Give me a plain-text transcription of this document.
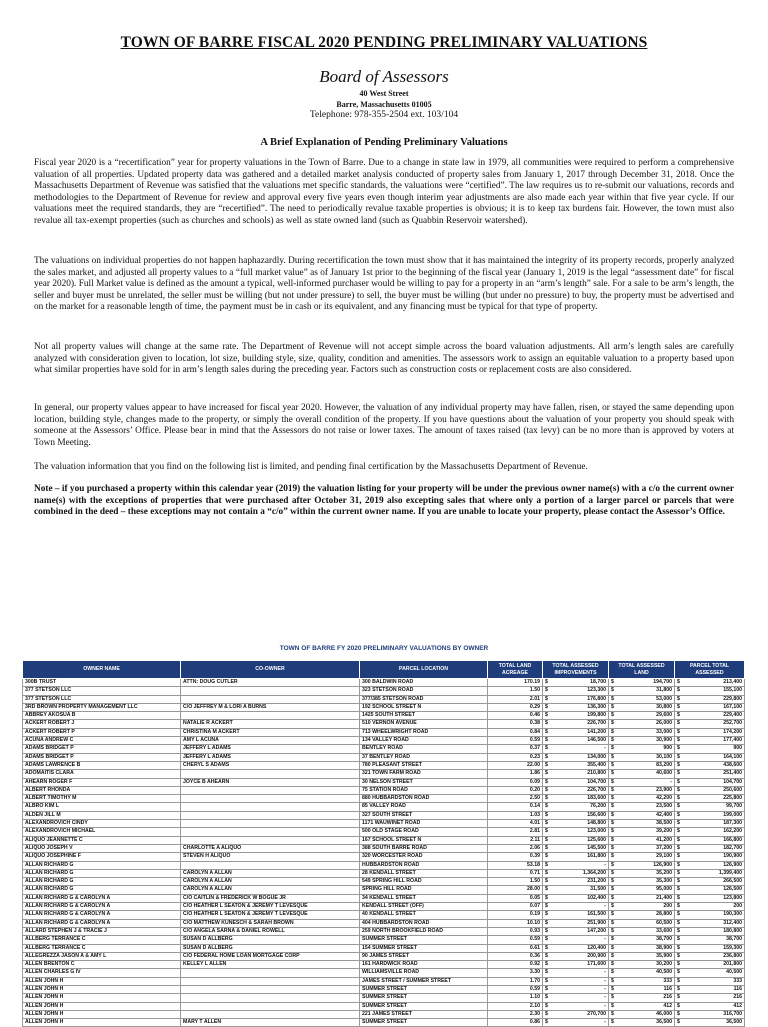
TOWN OF BARRE FISCAL 2020 PENDING PRELIMINARY VALUATIONS
Board of Assessors
40 West Street
Barre, Massachusetts 01005
Telephone: 978-355-2504 ext. 103/104
A Brief Explanation of Pending Preliminary Valuations

Fiscal year 2020 is a “recertification” year for property valuations in the Town of Barre. Due to a change in state law in 1979, all communities were required to perform a comprehensive valuation of all properties. Updated property data was gathered and a detailed market analysis conducted of property sales from January 1, 2017 through December 31, 2018. Once the Massachusetts Department of Revenue was satisfied that the valuations met specific standards, the valuations were “certified”. The law requires us to re-submit our valuations, records and methodologies to the Department of Revenue for review and approval every five years even though interim year adjustments are also made each year within that five year cycle. If our valuations meet the required standards, they are “recertified”. The need to periodically revalue taxable properties is obvious; it is to keep tax burdens fair. However, the town must also revalue all tax-exempt properties (such as churches and schools) as well as state owned land (such as Quabbin Reservoir watershed).

The valuations on individual properties do not happen haphazardly. During recertification the town must show that it has maintained the integrity of its property records, properly analyzed the sales market, and adjusted all property values to a “full market value” as of January 1st prior to the beginning of the fiscal year (January 1, 2019 is the legal “assessment date” for fiscal year 2020). Full Market value is defined as the amount a typical, well-informed purchaser would be willing to pay for a property in an “arm’s length” sale. For a sale to be arm’s length, the seller and buyer must be unrelated, the seller must be willing (but not under pressure) to sell, the buyer must be willing (but under no pressure) to buy, the property must be advertised and on the market for a reasonable length of time, the payment must be in cash or its equivalent, and any financing must be typical for that type of property.

Not all property values will change at the same rate. The Department of Revenue will not accept simple across the board valuation adjustments. All arm’s length sales are carefully analyzed with consideration given to location, lot size, building style, size, quality, condition and amenities. The assessors work to assign an equitable valuation to a property based upon what similar properties have sold for in arm’s length sales during the preceding year. Factors such as construction costs or replacement costs are also considered.

In general, our property values appear to have increased for fiscal year 2020. However, the valuation of any individual property may have fallen, risen, or stayed the same depending upon location, building style, changes made to the property, or simply the overall condition of the property. If you have questions about the valuation of your property you should speak with someone at the Assessors’ Office. Please bear in mind that the Assessors do not raise or lower taxes. The amount of taxes raised (tax levy) can be no more than is approved by voters at Town Meeting.

The valuation information that you find on the following list is limited, and pending final certification by the Massachusetts Department of Revenue.

Note – if you purchased a property within this calendar year (2019) the valuation listing for your property will be under the previous owner name(s) with a c/o the current owner name(s) with the exceptions of properties that were purchased after October 31, 2019 also excepting sales that where only a portion of a larger parcel or parcels that were combined in the deed – these exceptions may not contain a “c/o” within the current owner name. If you are unable to locate your property, please contact the Assessor’s Office.

TOWN OF BARRE FY 2020 PRELIMINARY VALUATIONS BY OWNER
OWNER NAME	CO-OWNER	PARCEL LOCATION	TOTAL LAND ACREAGE	TOTAL ASSESSED IMPROVEMENTS	TOTAL ASSESSED LAND	PARCEL TOTAL ASSESSED
300B TRUST	ATTN: DOUG CUTLER	300 BALDWIN ROAD	170.19	$ 18,700	$ 194,700	$ 213,400

377 STETSON LLC		323 STETSON ROAD	1.50	$ 123,300	$ 31,800	$ 155,100

377 STETSON LLC		377/385 STETSON ROAD	2.01	$ 176,800	$ 53,000	$ 229,800

3RD BROWN PROPERTY MANAGEMENT LLC	C/O JEFFREY M & LORI A BURNS	192 SCHOOL STREET N	0.29	$ 136,300	$ 30,800	$ 167,100

ABBREY AKOSUA B		1425 SOUTH STREET	0.46	$ 199,800	$ 29,600	$ 229,400

ACKERT ROBERT J	NATALIE R ACKERT	510 VERNON AVENUE	0.38	$ 226,700	$ 26,000	$ 252,700

ACKERT ROBERT P	CHRISTINA M ACKERT	713 WHEELWRIGHT ROAD	0.84	$ 141,200	$ 33,000	$ 174,200

ACUNA ANDREW C	AMY L ACUNA	134 VALLEY ROAD	0.59	$ 146,500	$ 30,900	$ 177,400

ADAMS BRIDGET P	JEFFERY L ADAMS	BENTLEY ROAD	0.37	$ -	$ 900	$ 900

ADAMS BRIDGET P	JEFFERY L ADAMS	37 BENTLEY ROAD	0.23	$ 134,000	$ 30,100	$ 164,100

ADAMS LAWRENCE B	CHERYL S ADAMS	780 PLEASANT STREET	22.00	$ 355,400	$ 83,200	$ 438,600

ADOMAITIS CLARA		321 TOWN FARM ROAD	1.86	$ 210,800	$ 40,600	$ 251,400

AHEARN ROGER F	JOYCE B AHEARN	30 NELSON STREET	0.09	$ 104,700	$ -	$ 104,700

ALBERT RHONDA		75 STATION ROAD	0.20	$ 226,700	$ 23,900	$ 250,600

ALBERT TIMOTHY M		880 HUBBARDSTON ROAD	2.50	$ 183,600	$ 42,200	$ 225,800

ALBRO KIM L		85 VALLEY ROAD	0.14	$ 76,200	$ 23,500	$ 99,700

ALDEN JILL M		327 SOUTH STREET	1.03	$ 156,600	$ 42,400	$ 199,000

ALEXANDROVICH CINDY		1171 WAUWINET ROAD	4.01	$ 148,800	$ 38,500	$ 187,300

ALEXANDROVICH MICHAEL		500 OLD STAGE ROAD	2.81	$ 123,000	$ 39,200	$ 162,200

ALIQUO JEANNETTE C		167 SCHOOL STREET N	2.11	$ 125,600	$ 41,200	$ 166,800

ALIQUO JOSEPH V	CHARLOTTE A ALIQUO	388 SOUTH BARRE ROAD	2.06	$ 145,500	$ 37,200	$ 182,700

ALIQUO JOSEPHINE F	STEVEN H ALIQUO	320 WORCESTER ROAD	0.39	$ 161,800	$ 29,100	$ 190,900

ALLAN RICHARD G		HUBBARDSTON ROAD	53.18	$ -	$ 126,900	$ 126,900

ALLAN RICHARD G	CAROLYN A ALLAN	28 KENDALL STREET	0.71	$ 1,364,200	$ 35,200	$ 1,399,400

ALLAN RICHARD G	CAROLYN A ALLAN	549 SPRING HILL ROAD	1.50	$ 231,200	$ 35,300	$ 266,500

ALLAN RICHARD G	CAROLYN A ALLAN	SPRING HILL ROAD	28.00	$ 31,500	$ 95,000	$ 126,500

ALLAN RICHARD G & CAROLYN A	C/O CAITLIN & FREDERICK W BOGUE JR	34 KENDALL STREET	0.05	$ 102,400	$ 21,400	$ 123,800

ALLAN RICHARD G & CAROLYN A	C/O HEATHER L SEATON & JEREMY T LEVESQUE	KENDALL STREET (OFF)	0.07	$ -	$ 200	$ 200

ALLAN RICHARD G & CAROLYN A	C/O HEATHER L SEATON & JEREMY T LEVESQUE	40 KENDALL STREET	0.19	$ 161,500	$ 28,800	$ 190,300

ALLAN RICHARD G & CAROLYN A	C/O MATTHEW KUNESCH & SARAH BROWN	404 HUBBARDSTON ROAD	10.10	$ 251,900	$ 60,500	$ 312,400

ALLARD STEPHEN J & TRACIE J	C/O ANGELA SARNA & DANIEL ROWELL	259 NORTH BROOKFIELD ROAD	0.93	$ 147,200	$ 33,600	$ 180,800

ALLBERG TERRANCE C	SUSAN D ALLBERG	SUMMER STREET	0.59	$ -	$ 38,700	$ 38,700

ALLBERG TERRANCE C	SUSAN D ALLBERG	154 SUMMER STREET	0.61	$ 120,400	$ 38,900	$ 159,300

ALLEGREZZA JASON A & AMY L	C/O FEDERAL HOME LOAN MORTGAGE CORP	90 JAMES STREET	0.36	$ 200,900	$ 35,900	$ 236,800

ALLEN BRENTON C	KELLEY L ALLEN	161 HARDWICK ROAD	0.92	$ 171,600	$ 30,200	$ 201,800

ALLEN CHARLES G IV		WILLIAMSVILLE ROAD	3.30	$ -	$ 40,500	$ 40,500

ALLEN JOHN H		JAMES STREET / SUMMER STREET	1.70	$ -	$ 333	$ 333

ALLEN JOHN H		SUMMER STREET	0.59	$ -	$ 116	$ 116

ALLEN JOHN H		SUMMER STREET	1.10	$ -	$ 216	$ 216

ALLEN JOHN H		SUMMER STREET	2.10	$ -	$ 412	$ 412

ALLEN JOHN H		221 JAMES STREET	2.30	$ 270,700	$ 46,000	$ 316,700

ALLEN JOHN H	MARY T ALLEN	SUMMER STREET	0.86	$ -	$ 36,500	$ 36,500
